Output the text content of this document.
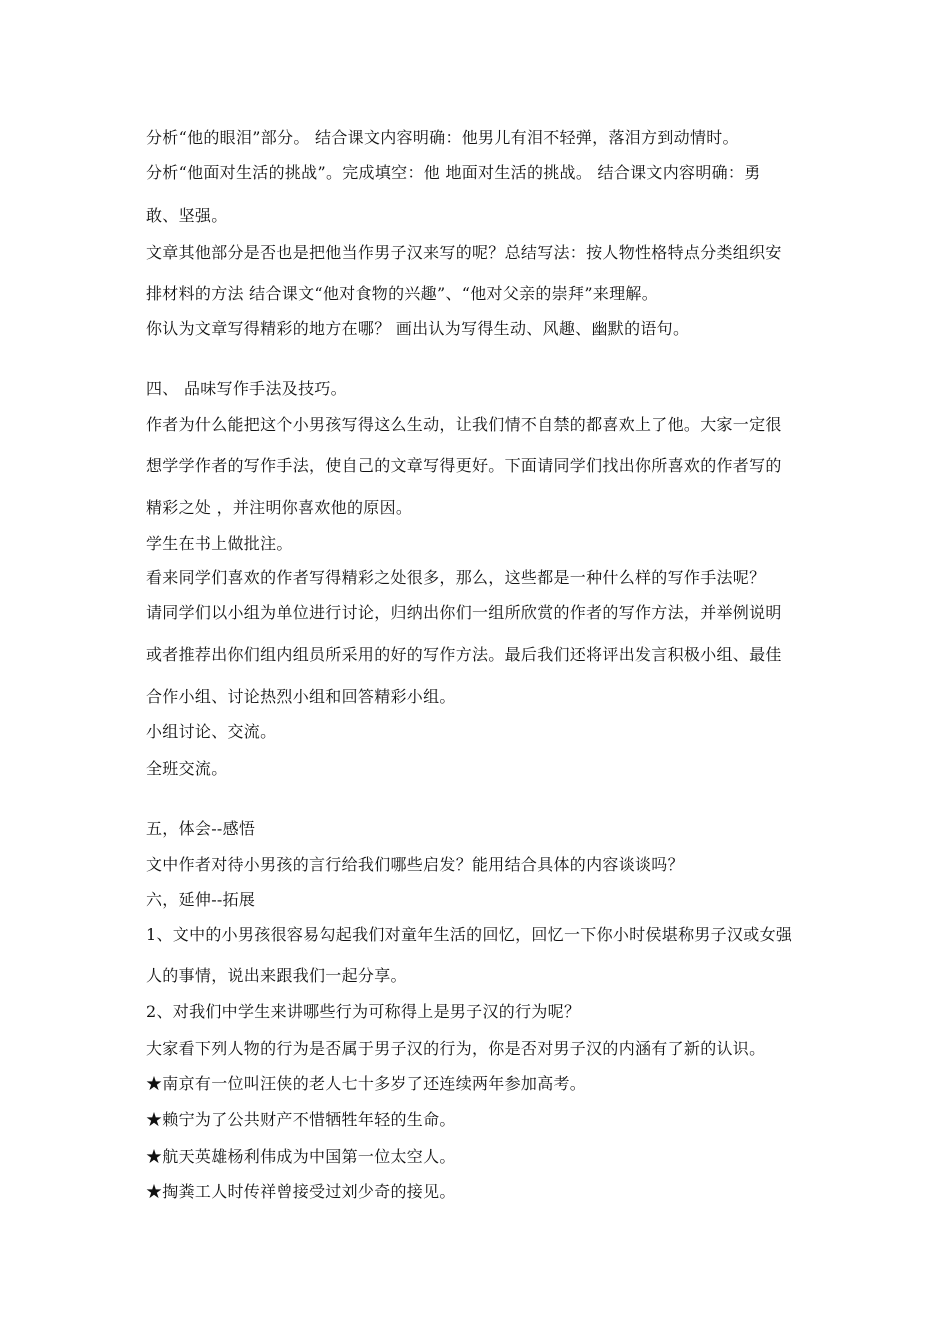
分析“他的眼泪”部分。 结合课文内容明确：他男儿有泪不轻弹，落泪方到动情时。

分析“他面对生活的挑战”。完成填空：他 地面对生活的挑战。 结合课文内容明确：勇

敢、坚强。

文章其他部分是否也是把他当作男子汉来写的呢？总结写法：按人物性格特点分类组织安

排材料的方法 结合课文“他对食物的兴趣”、“他对父亲的崇拜”来理解。

你认为文章写得精彩的地方在哪？ 画出认为写得生动、风趣、幽默的语句。

四、 品味写作手法及技巧。

作者为什么能把这个小男孩写得这么生动，让我们情不自禁的都喜欢上了他。大家一定很

想学学作者的写作手法，使自己的文章写得更好。下面请同学们找出你所喜欢的作者写的

精彩之处 ，并注明你喜欢他的原因。

学生在书上做批注。

看来同学们喜欢的作者写得精彩之处很多，那么，这些都是一种什么样的写作手法呢？

请同学们以小组为单位进行讨论，归纳出你们一组所欣赏的作者的写作方法，并举例说明

或者推荐出你们组内组员所采用的好的写作方法。最后我们还将评出发言积极小组、最佳

合作小组、讨论热烈小组和回答精彩小组。

小组讨论、交流。

全班交流。

五，体会--感悟

文中作者对待小男孩的言行给我们哪些启发？能用结合具体的内容谈谈吗？

六，延伸--拓展

1、文中的小男孩很容易勾起我们对童年生活的回忆，回忆一下你小时侯堪称男子汉或女强

人的事情，说出来跟我们一起分享。

2、对我们中学生来讲哪些行为可称得上是男子汉的行为呢？

大家看下列人物的行为是否属于男子汉的行为，你是否对男子汉的内涵有了新的认识。

★南京有一位叫汪侠的老人七十多岁了还连续两年参加高考。

★赖宁为了公共财产不惜牺牲年轻的生命。

★航天英雄杨利伟成为中国第一位太空人。

★掏粪工人时传祥曾接受过刘少奇的接见。
